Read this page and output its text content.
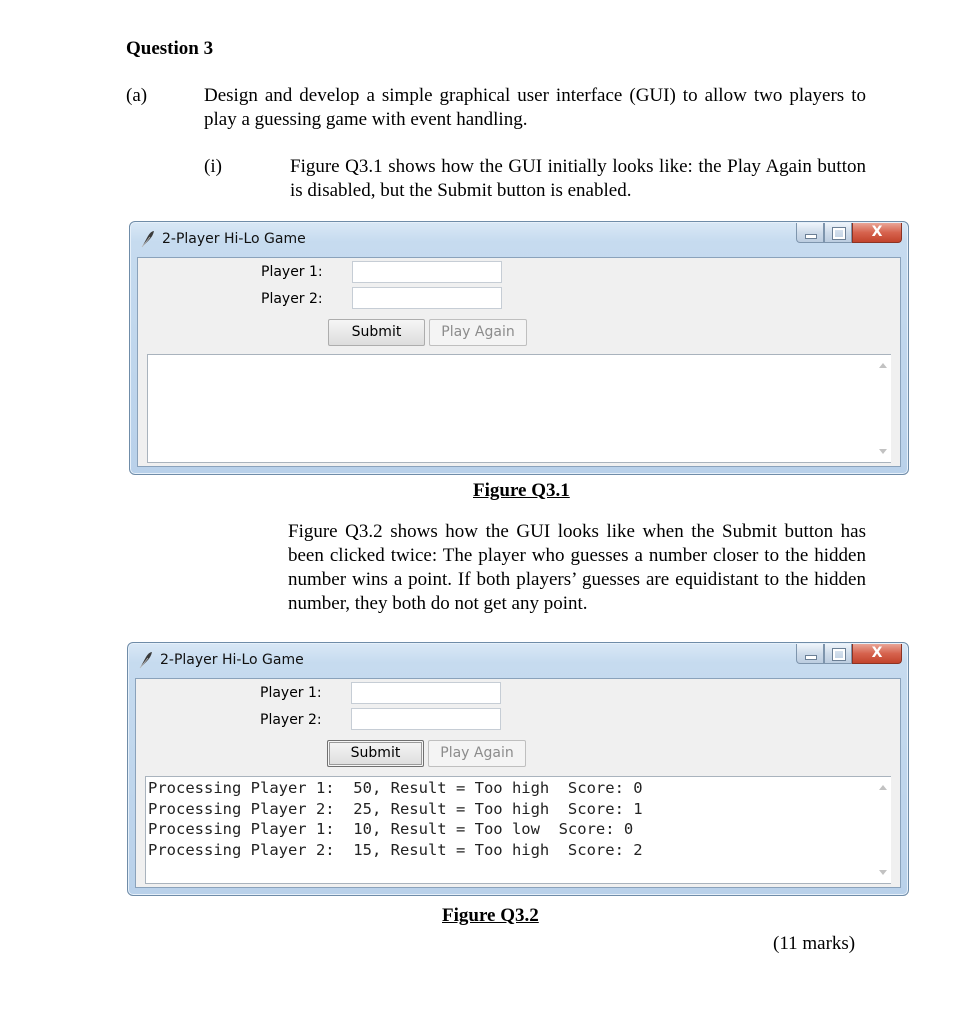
Question 3
(a)	Design and develop a simple graphical user interface (GUI) to allow two players to play a guessing game with event handling.
(i)	Figure Q3.1 shows how the GUI initially looks like: the Play Again button is disabled, but the Submit button is enabled.
2-Player Hi-Lo Game	X
Player 1:
Player 2:
Submit	Play Again
Figure Q3.1
Figure Q3.2 shows how the GUI looks like when the Submit button has been clicked twice: The player who guesses a number closer to the hidden number wins a point. If both players’ guesses are equidistant to the hidden number, they both do not get any point.
2-Player Hi-Lo Game	X
Player 1:
Player 2:
Submit	Play Again
Processing Player 1:  50, Result = Too high  Score: 0
Processing Player 2:  25, Result = Too high  Score: 1
Processing Player 1:  10, Result = Too low  Score: 0
Processing Player 2:  15, Result = Too high  Score: 2
Figure Q3.2
(11 marks)
